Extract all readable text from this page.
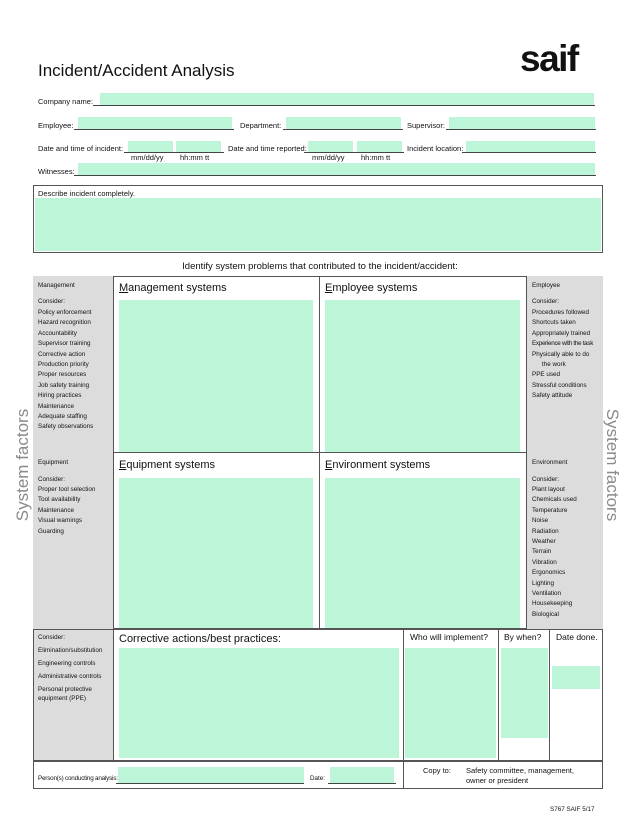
Incident/Accident Analysis	saif
Company name:
Employee:	Department:	Supervisor:
Date and time of incident:
mm/dd/yy hh:mm tt
Date and time reported:
mm/dd/yy hh:mm tt
Incident location:
Witnesses:
Describe incident completely.
Identify system problems that contributed to the incident/accident:
System factors	System factors
Management
Consider:
Policy enforcement
Hazard recognition
Accountability
Supervisor training
Corrective action
Production priority
Proper resources
Job safety training
Hiring practices
Maintenance
Adequate staffing
Safety observations
Equipment
Consider:
Proper tool selection
Tool availability
Maintenance
Visual warnings
Guarding
Employee
Consider:
Procedures followed
Shortcuts taken
Appropriately trained
Experience with the task
Physically able to do
the work
PPE used
Stressful conditions
Safety attitude
Environment
Consider:
Plant layout
Chemicals used
Temperature
Noise
Radiation
Weather
Terrain
Vibration
Ergonomics
Lighting
Ventilation
Housekeeping
Biological
Management systems	Employee systems
Equipment systems	Environment systems
Consider:
Elimination/substitution
Engineering controls
Administrative controls
Personal protective
equipment (PPE)
Corrective actions/best practices:	Who will implement? By when? Date done.
Person(s) conducting analysis:	Date:
Copy to: Safety committee, management,
owner or president
S767 SAIF 5/17
